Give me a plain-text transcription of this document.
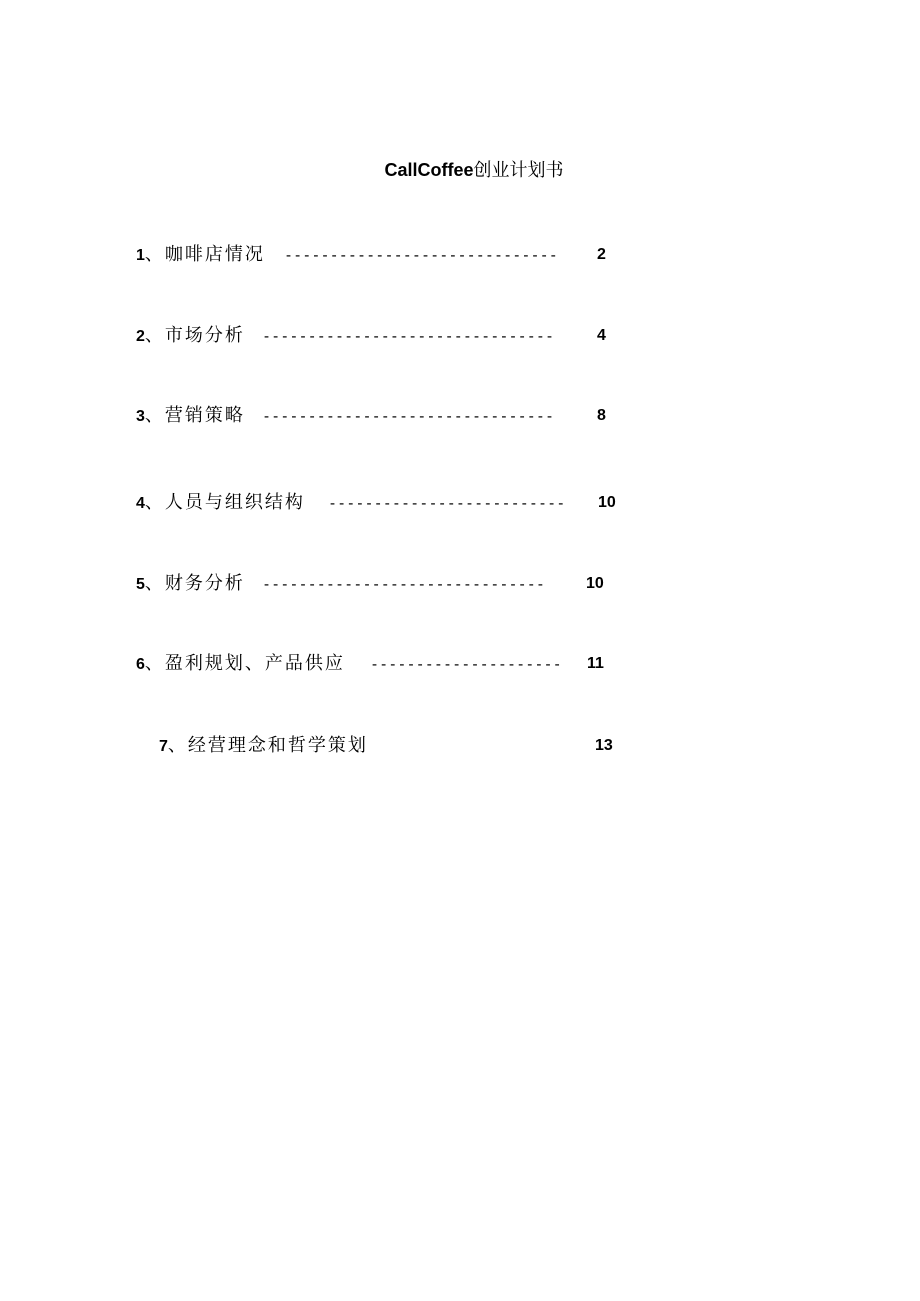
CallCoffee创业计划书
1、 咖啡店情况 ------------------------------	2
2、 市场分析 --------------------------------	4
3、 营销策略 --------------------------------	8
4、 人员与组织结构 --------------------------	10
5、 财务分析 -------------------------------	10
6、 盈利规划、产品供应 ---------------------	11
7、 经营理念和哲学策划	13
